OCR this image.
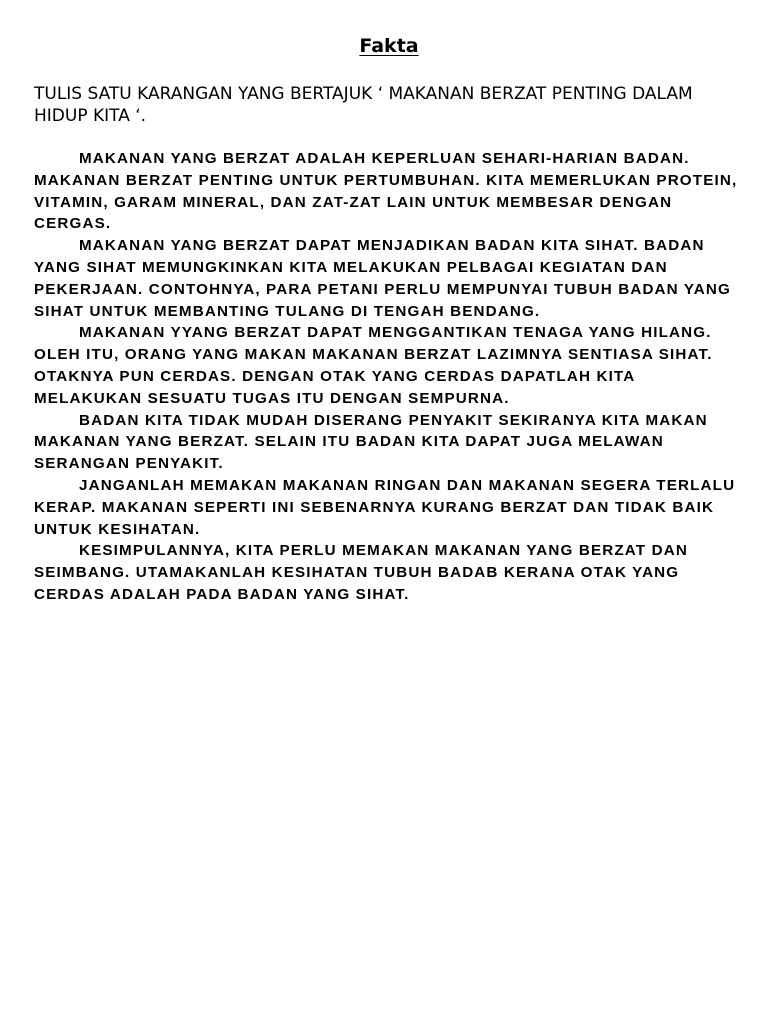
Fakta

TULIS SATU KARANGAN YANG BERTAJUK ‘ MAKANAN BERZAT PENTING DALAM HIDUP KITA ‘.

MAKANAN YANG BERZAT ADALAH KEPERLUAN SEHARI-HARIAN BADAN. MAKANAN BERZAT PENTING UNTUK PERTUMBUHAN. KITA MEMERLUKAN PROTEIN, VITAMIN, GARAM MINERAL, DAN ZAT-ZAT LAIN UNTUK MEMBESAR DENGAN CERGAS.

MAKANAN YANG BERZAT DAPAT MENJADIKAN BADAN KITA SIHAT. BADAN YANG SIHAT MEMUNGKINKAN KITA MELAKUKAN PELBAGAI KEGIATAN DAN PEKERJAAN. CONTOHNYA, PARA PETANI PERLU MEMPUNYAI TUBUH BADAN YANG SIHAT UNTUK MEMBANTING TULANG DI TENGAH BENDANG.

MAKANAN YYANG BERZAT DAPAT MENGGANTIKAN TENAGA YANG HILANG. OLEH ITU, ORANG YANG MAKAN MAKANAN BERZAT LAZIMNYA SENTIASA SIHAT. OTAKNYA PUN CERDAS. DENGAN OTAK YANG CERDAS DAPATLAH KITA MELAKUKAN SESUATU TUGAS ITU DENGAN SEMPURNA.

BADAN KITA TIDAK MUDAH DISERANG PENYAKIT SEKIRANYA KITA MAKAN MAKANAN YANG BERZAT. SELAIN ITU BADAN KITA DAPAT JUGA MELAWAN SERANGAN PENYAKIT.

JANGANLAH MEMAKAN MAKANAN RINGAN DAN MAKANAN SEGERA TERLALU KERAP. MAKANAN SEPERTI INI SEBENARNYA KURANG BERZAT DAN TIDAK BAIK UNTUK KESIHATAN.

KESIMPULANNYA, KITA PERLU MEMAKAN MAKANAN YANG BERZAT DAN SEIMBANG. UTAMAKANLAH KESIHATAN TUBUH BADAB KERANA OTAK YANG CERDAS ADALAH PADA BADAN YANG SIHAT.
